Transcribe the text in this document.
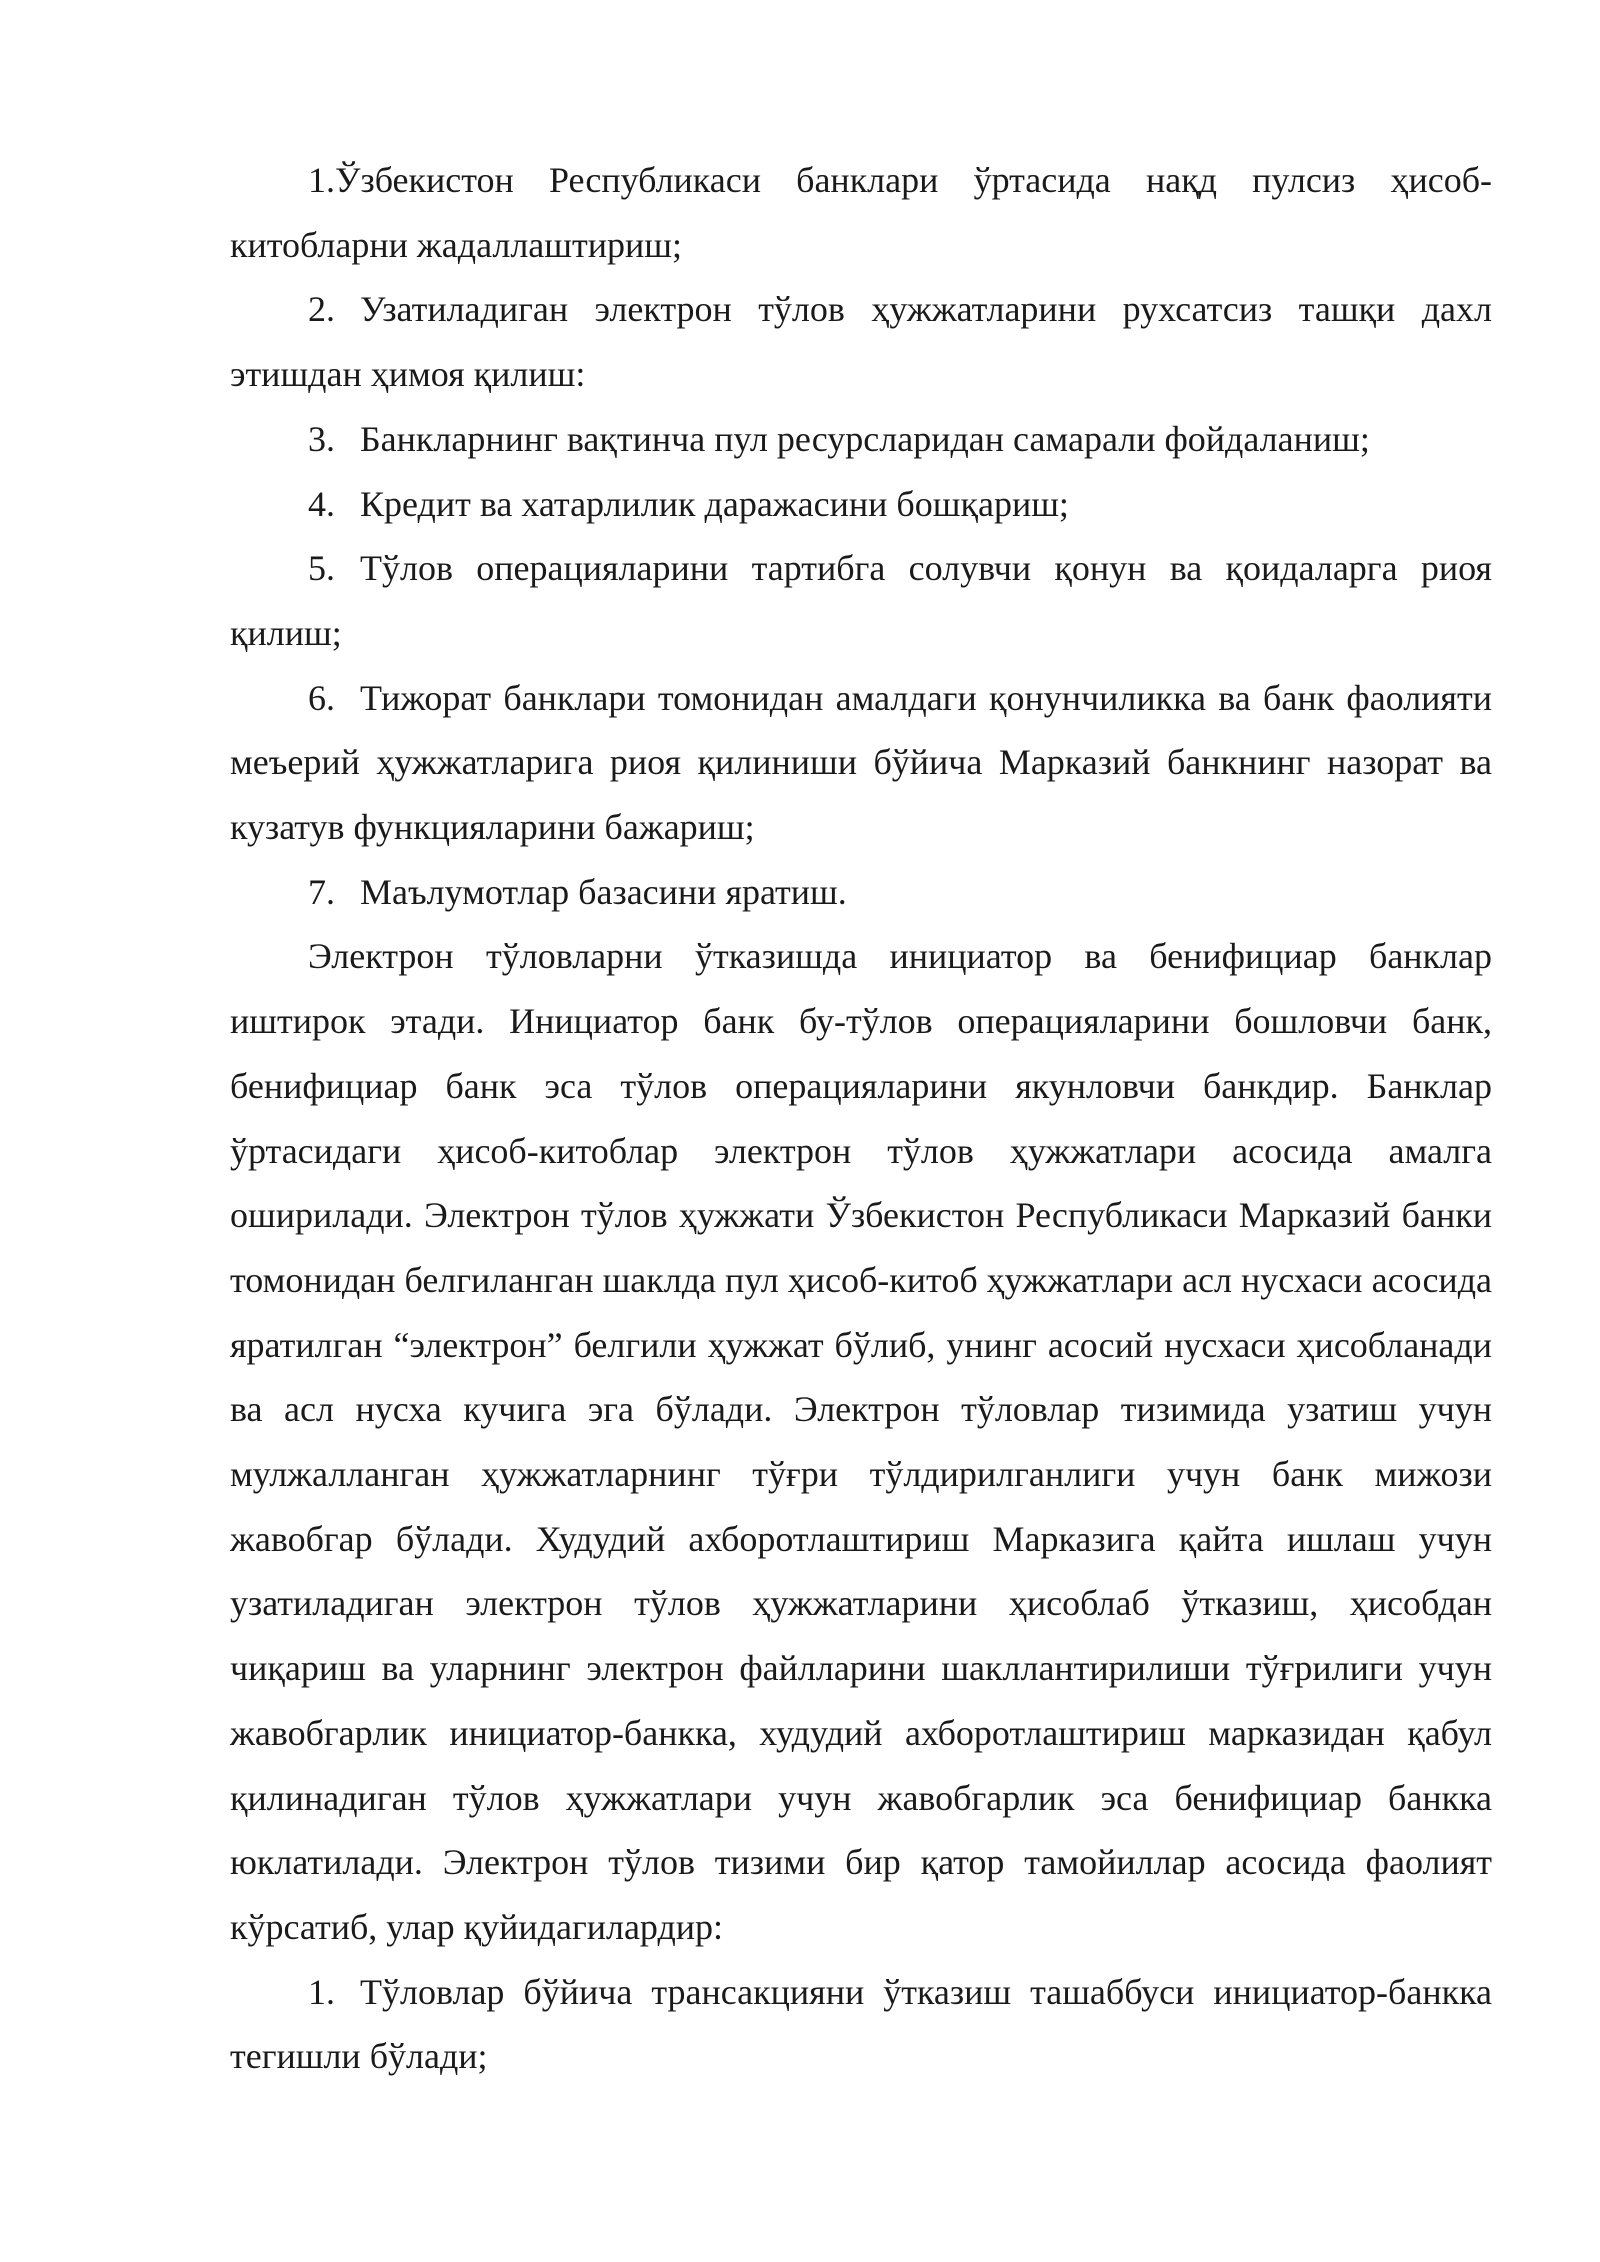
1.Ўзбекистон Республикаси банклари ўртасида нақд пулсиз ҳисоб-китобларни жадаллаштириш;

2. Узатиладиган электрон тўлов ҳужжатларини рухсатсиз ташқи дахл этишдан ҳимоя қилиш:

3. Банкларнинг вақтинча пул ресурсларидан самарали фойдаланиш;

4. Кредит ва хатарлилик даражасини бошқариш;

5. Тўлов операцияларини тартибга солувчи қонун ва қоидаларга риоя қилиш;

6. Тижорат банклари томонидан амалдаги қонунчиликка ва банк фаолияти меъерий ҳужжатларига риоя қилиниши бўйича Марказий банкнинг назорат ва кузатув функцияларини бажариш;

7. Маълумотлар базасини яратиш.

Электрон тўловларни ўтказишда инициатор ва бенифициар банклар иштирок этади. Инициатор банк бу-тўлов операцияларини бошловчи банк, бенифициар банк эса тўлов операцияларини якунловчи банкдир. Банклар ўртасидаги ҳисоб-китоблар электрон тўлов ҳужжатлари асосида амалга оширилади. Электрон тўлов ҳужжати Ўзбекистон Республикаси Марказий банки томонидан белгиланган шаклда пул ҳисоб-китоб ҳужжатлари асл нусхаси асосида яратилган “электрон” белгили ҳужжат бўлиб, унинг асосий нусхаси ҳисобланади ва асл нусха кучига эга бўлади. Электрон тўловлар тизимида узатиш учун мулжалланган ҳужжатларнинг тўғри тўлдирилганлиги учун банк мижози жавобгар бўлади. Худудий ахборотлаштириш Марказига қайта ишлаш учун узатиладиган электрон тўлов ҳужжатларини ҳисоблаб ўтказиш, ҳисобдан чиқариш ва уларнинг электрон файлларини шакллантирилиши тўғрилиги учун жавобгарлик инициатор-банкка, худудий ахборотлаштириш марказидан қабул қилинадиган тўлов ҳужжатлари учун жавобгарлик эса бенифициар банкка юклатилади. Электрон тўлов тизими бир қатор тамойиллар асосида фаолият кўрсатиб, улар қуйидагилардир:

1. Тўловлар бўйича трансакцияни ўтказиш ташаббуси инициатор-банкка тегишли бўлади;
